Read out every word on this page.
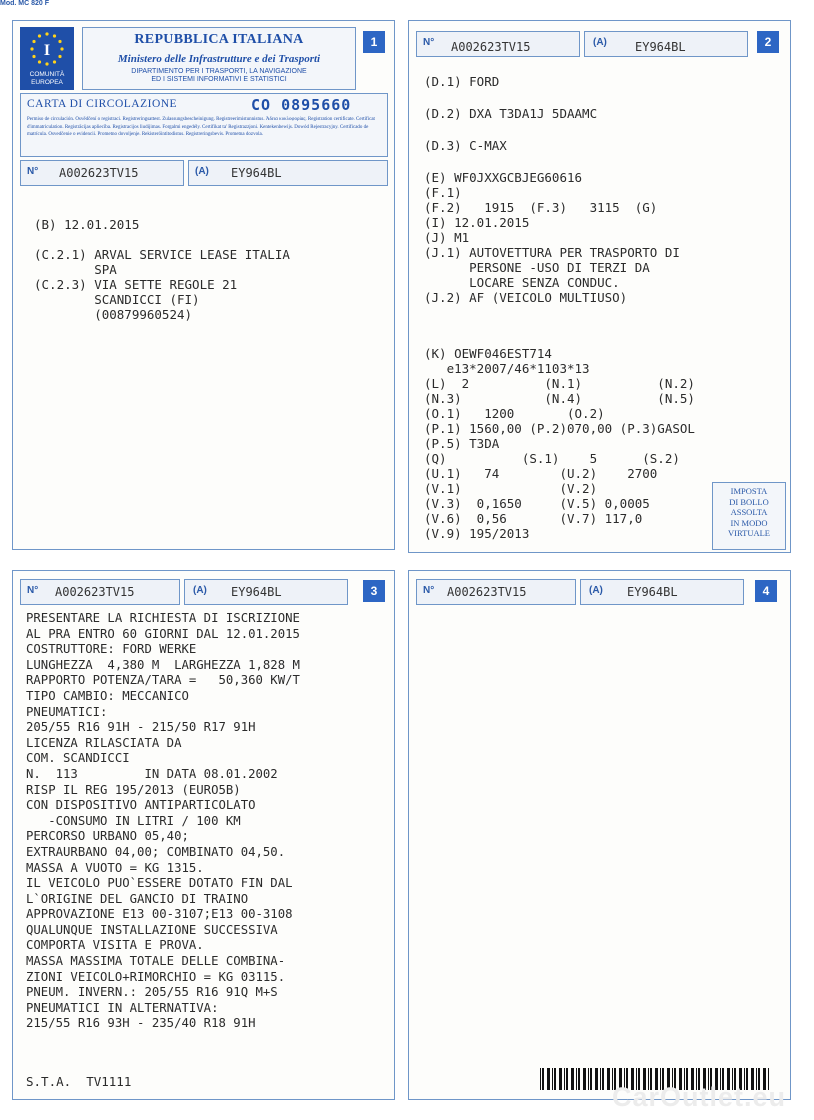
Mod. MC 820 F
1
I
COMUNITÀ
EUROPEA
REPUBBLICA ITALIANA
Ministero delle Infrastrutture e dei Trasporti
DIPARTIMENTO PER I TRASPORTI, LA NAVIGAZIONE
ED I SISTEMI INFORMATIVI E STATISTICI
CARTA DI CIRCOLAZIONE	CO 0895660
Permiso de circulación. Osvědčení o registraci. Registreringsattest. Zulassungsbescheinigung. Registreerimistunnistus. Άδεια κυκλοφορίας. Registration certificate. Certificat d'immatriculation. Registrācijas apliecība. Registracijos liudijimas. Forgalmi engedély. Certifikat ta' Registrazzjoni. Kentekenbewijs. Dowód Rejestracyjny. Certificado de matrícula. Osvedčenie o evidencii. Prometno dovoljenje. Rekisteröintitodistus. Registreringsbevis. Prometna dozvola.
N° A002623TV15	(A) EY964BL
(B) 12.01.2015

(C.2.1) ARVAL SERVICE LEASE ITALIA
SPA
(C.2.3) VIA SETTE REGOLE 21
SCANDICCI (FI)
(00879960524)
2
N° A002623TV15	(A) EY964BL
(D.1) FORD
(D.2) DXA T3DA1J 5DAAMC
(D.3) C-MAX
(E) WF0JXXGCBJEG60616
(F.1)
(F.2)   1915  (F.3)   3115  (G)
(I) 12.01.2015
(J) M1
(J.1) AUTOVETTURA PER TRASPORTO DI
PERSONE -USO DI TERZI DA
LOCARE SENZA CONDUC.
(J.2) AF (VEICOLO MULTIUSO)
(K) OEWF046EST714
e13*2007/46*1103*13
(L)  2          (N.1)          (N.2)
(N.3)           (N.4)          (N.5)
(O.1)   1200       (O.2)
(P.1) 1560,00 (P.2)070,00 (P.3)GASOL
(P.5) T3DA
(Q)          (S.1)    5      (S.2)
(U.1)   74        (U.2)    2700
(V.1)             (V.2)
(V.3)  0,1650     (V.5) 0,0005
(V.6)  0,56       (V.7) 117,0
(V.9) 195/2013
IMPOSTA
DI BOLLO
ASSOLTA
IN MODO
VIRTUALE
3
N° A002623TV15	(A) EY964BL
PRESENTARE LA RICHIESTA DI ISCRIZIONE
AL PRA ENTRO 60 GIORNI DAL 12.01.2015
COSTRUTTORE: FORD WERKE
LUNGHEZZA  4,380 M  LARGHEZZA 1,828 M
RAPPORTO POTENZA/TARA =   50,360 KW/T
TIPO CAMBIO: MECCANICO
PNEUMATICI:
205/55 R16 91H - 215/50 R17 91H
LICENZA RILASCIATA DA
COM. SCANDICCI
N.  113         IN DATA 08.01.2002
RISP IL REG 195/2013 (EURO5B)
CON DISPOSITIVO ANTIPARTICOLATO
-CONSUMO IN LITRI / 100 KM
PERCORSO URBANO 05,40;
EXTRAURBANO 04,00; COMBINATO 04,50.
MASSA A VUOTO = KG 1315.
IL VEICOLO PUO`ESSERE DOTATO FIN DAL
L`ORIGINE DEL GANCIO DI TRAINO
APPROVAZIONE E13 00-3107;E13 00-3108
QUALUNQUE INSTALLAZIONE SUCCESSIVA
COMPORTA VISITA E PROVA.
MASSA MASSIMA TOTALE DELLE COMBINA-
ZIONI VEICOLO+RIMORCHIO = KG 03115.
PNEUM. INVERN.: 205/55 R16 91Q M+S
PNEUMATICI IN ALTERNATIVA:
215/55 R16 93H - 235/40 R18 91H
S.T.A.  TV1111
4
N° A002623TV15	(A) EY964BL
CarOutlet.eu
